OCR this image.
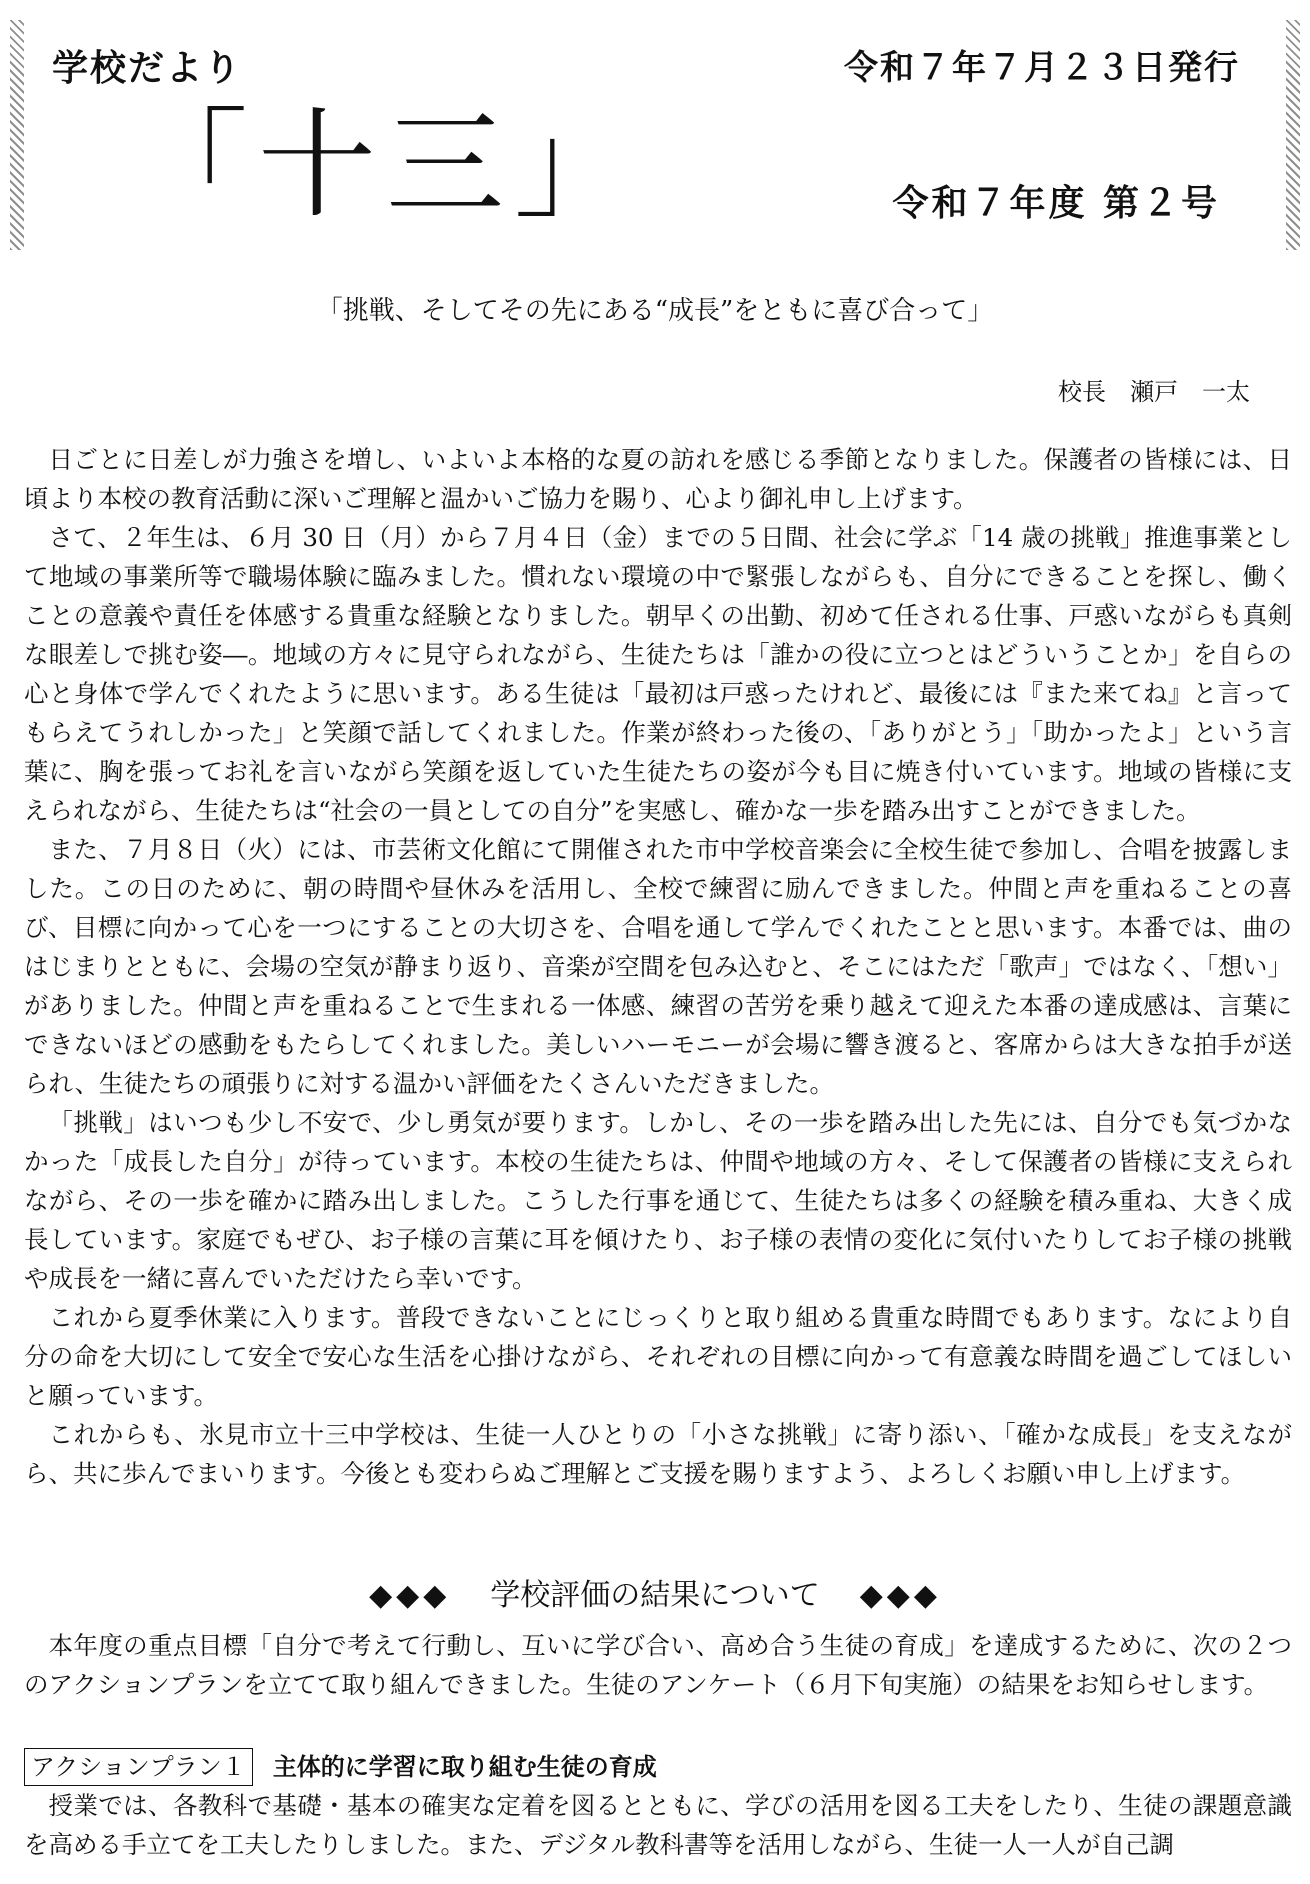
学校だより
「十三」
令和７年７月２３日発行
令和７年度 第２号
「挑戦、そしてその先にある“成長”をともに喜び合って」
校長　瀬戸　一太

日ごとに日差しが力強さを増し、いよいよ本格的な夏の訪れを感じる季節となりました。保護者の皆様には、日頃より本校の教育活動に深いご理解と温かいご協力を賜り、心より御礼申し上げます。

さて、２年生は、６月 30 日（月）から７月４日（金）までの５日間、社会に学ぶ「14 歳の挑戦」推進事業として地域の事業所等で職場体験に臨みました。慣れない環境の中で緊張しながらも、自分にできることを探し、働くことの意義や責任を体感する貴重な経験となりました。朝早くの出勤、初めて任される仕事、戸惑いながらも真剣な眼差しで挑む姿―。地域の方々に見守られながら、生徒たちは「誰かの役に立つとはどういうことか」を自らの心と身体で学んでくれたように思います。ある生徒は「最初は戸惑ったけれど、最後には『また来てね』と言ってもらえてうれしかった」と笑顔で話してくれました。作業が終わった後の、「ありがとう」「助かったよ」という言葉に、胸を張ってお礼を言いながら笑顔を返していた生徒たちの姿が今も目に焼き付いています。地域の皆様に支えられながら、生徒たちは“社会の一員としての自分”を実感し、確かな一歩を踏み出すことができました。

また、７月８日（火）には、市芸術文化館にて開催された市中学校音楽会に全校生徒で参加し、合唱を披露しました。この日のために、朝の時間や昼休みを活用し、全校で練習に励んできました。仲間と声を重ねることの喜び、目標に向かって心を一つにすることの大切さを、合唱を通して学んでくれたことと思います。本番では、曲のはじまりとともに、会場の空気が静まり返り、音楽が空間を包み込むと、そこにはただ「歌声」ではなく、「想い」がありました。仲間と声を重ねることで生まれる一体感、練習の苦労を乗り越えて迎えた本番の達成感は、言葉にできないほどの感動をもたらしてくれました。美しいハーモニーが会場に響き渡ると、客席からは大きな拍手が送られ、生徒たちの頑張りに対する温かい評価をたくさんいただきました。

「挑戦」はいつも少し不安で、少し勇気が要ります。しかし、その一歩を踏み出した先には、自分でも気づかなかった「成長した自分」が待っています。本校の生徒たちは、仲間や地域の方々、そして保護者の皆様に支えられながら、その一歩を確かに踏み出しました。こうした行事を通じて、生徒たちは多くの経験を積み重ね、大きく成長しています。家庭でもぜひ、お子様の言葉に耳を傾けたり、お子様の表情の変化に気付いたりしてお子様の挑戦や成長を一緒に喜んでいただけたら幸いです。

これから夏季休業に入ります。普段できないことにじっくりと取り組める貴重な時間でもあります。なにより自分の命を大切にして安全で安心な生活を心掛けながら、それぞれの目標に向かって有意義な時間を過ごしてほしいと願っています。

これからも、氷見市立十三中学校は、生徒一人ひとりの「小さな挑戦」に寄り添い、「確かな成長」を支えながら、共に歩んでまいります。今後とも変わらぬご理解とご支援を賜りますよう、よろしくお願い申し上げます。

◆◆◆ 学校評価の結果について ◆◆◆

本年度の重点目標「自分で考えて行動し、互いに学び合い、高め合う生徒の育成」を達成するために、次の２つのアクションプランを立てて取り組んできました。生徒のアンケート（６月下旬実施）の結果をお知らせします。

アクションプラン１ 主体的に学習に取り組む生徒の育成

授業では、各教科で基礎・基本の確実な定着を図るとともに、学びの活用を図る工夫をしたり、生徒の課題意識を高める手立てを工夫したりしました。また、デジタル教科書等を活用しながら、生徒一人一人が自己調
